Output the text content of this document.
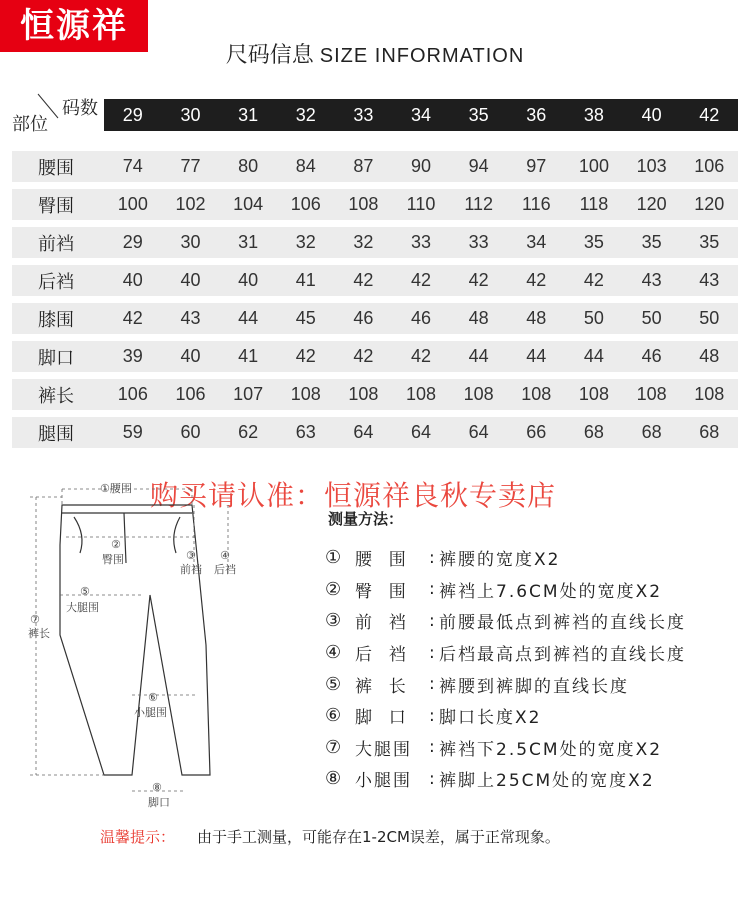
恒源祥
尺码信息 SIZE INFORMATION
码数
部位	29	30	31	32	33	34	35	36	38	40	42
腰围	74	77	80	84	87	90	94	97	100	103	106
臀围	100	102	104	106	108	110	112	116	118	120	120
前裆	29	30	31	32	32	33	33	34	35	35	35
后裆	40	40	40	41	42	42	42	42	42	43	43
膝围	42	43	44	45	46	46	48	48	50	50	50
脚口	39	40	41	42	42	42	44	44	44	46	48
裤长	106	106	107	108	108	108	108	108	108	108	108
腿围	59	60	62	63	64	64	64	66	68	68	68
购买请认准：恒源祥良秋专卖店
①腰围
②
臀围	③
前裆
④
后裆
⑤
大腿围
⑦
裤长
⑥
小腿围
⑧
脚口
测量方法：
① 腰  围	: 裤腰的宽度X2
② 臀  围	: 裤裆上7.6CM处的宽度X2
③ 前  裆	: 前腰最低点到裤裆的直线长度
④ 后  裆	: 后档最高点到裤裆的直线长度
⑤ 裤  长	: 裤腰到裤脚的直线长度
⑥ 脚  口	: 脚口长度X2
⑦ 大腿围	: 裤裆下2.5CM处的宽度X2
⑧ 小腿围	: 裤脚上25CM处的宽度X2
温馨提示： 由于手工测量，可能存在1-2CM误差，属于正常现象。
